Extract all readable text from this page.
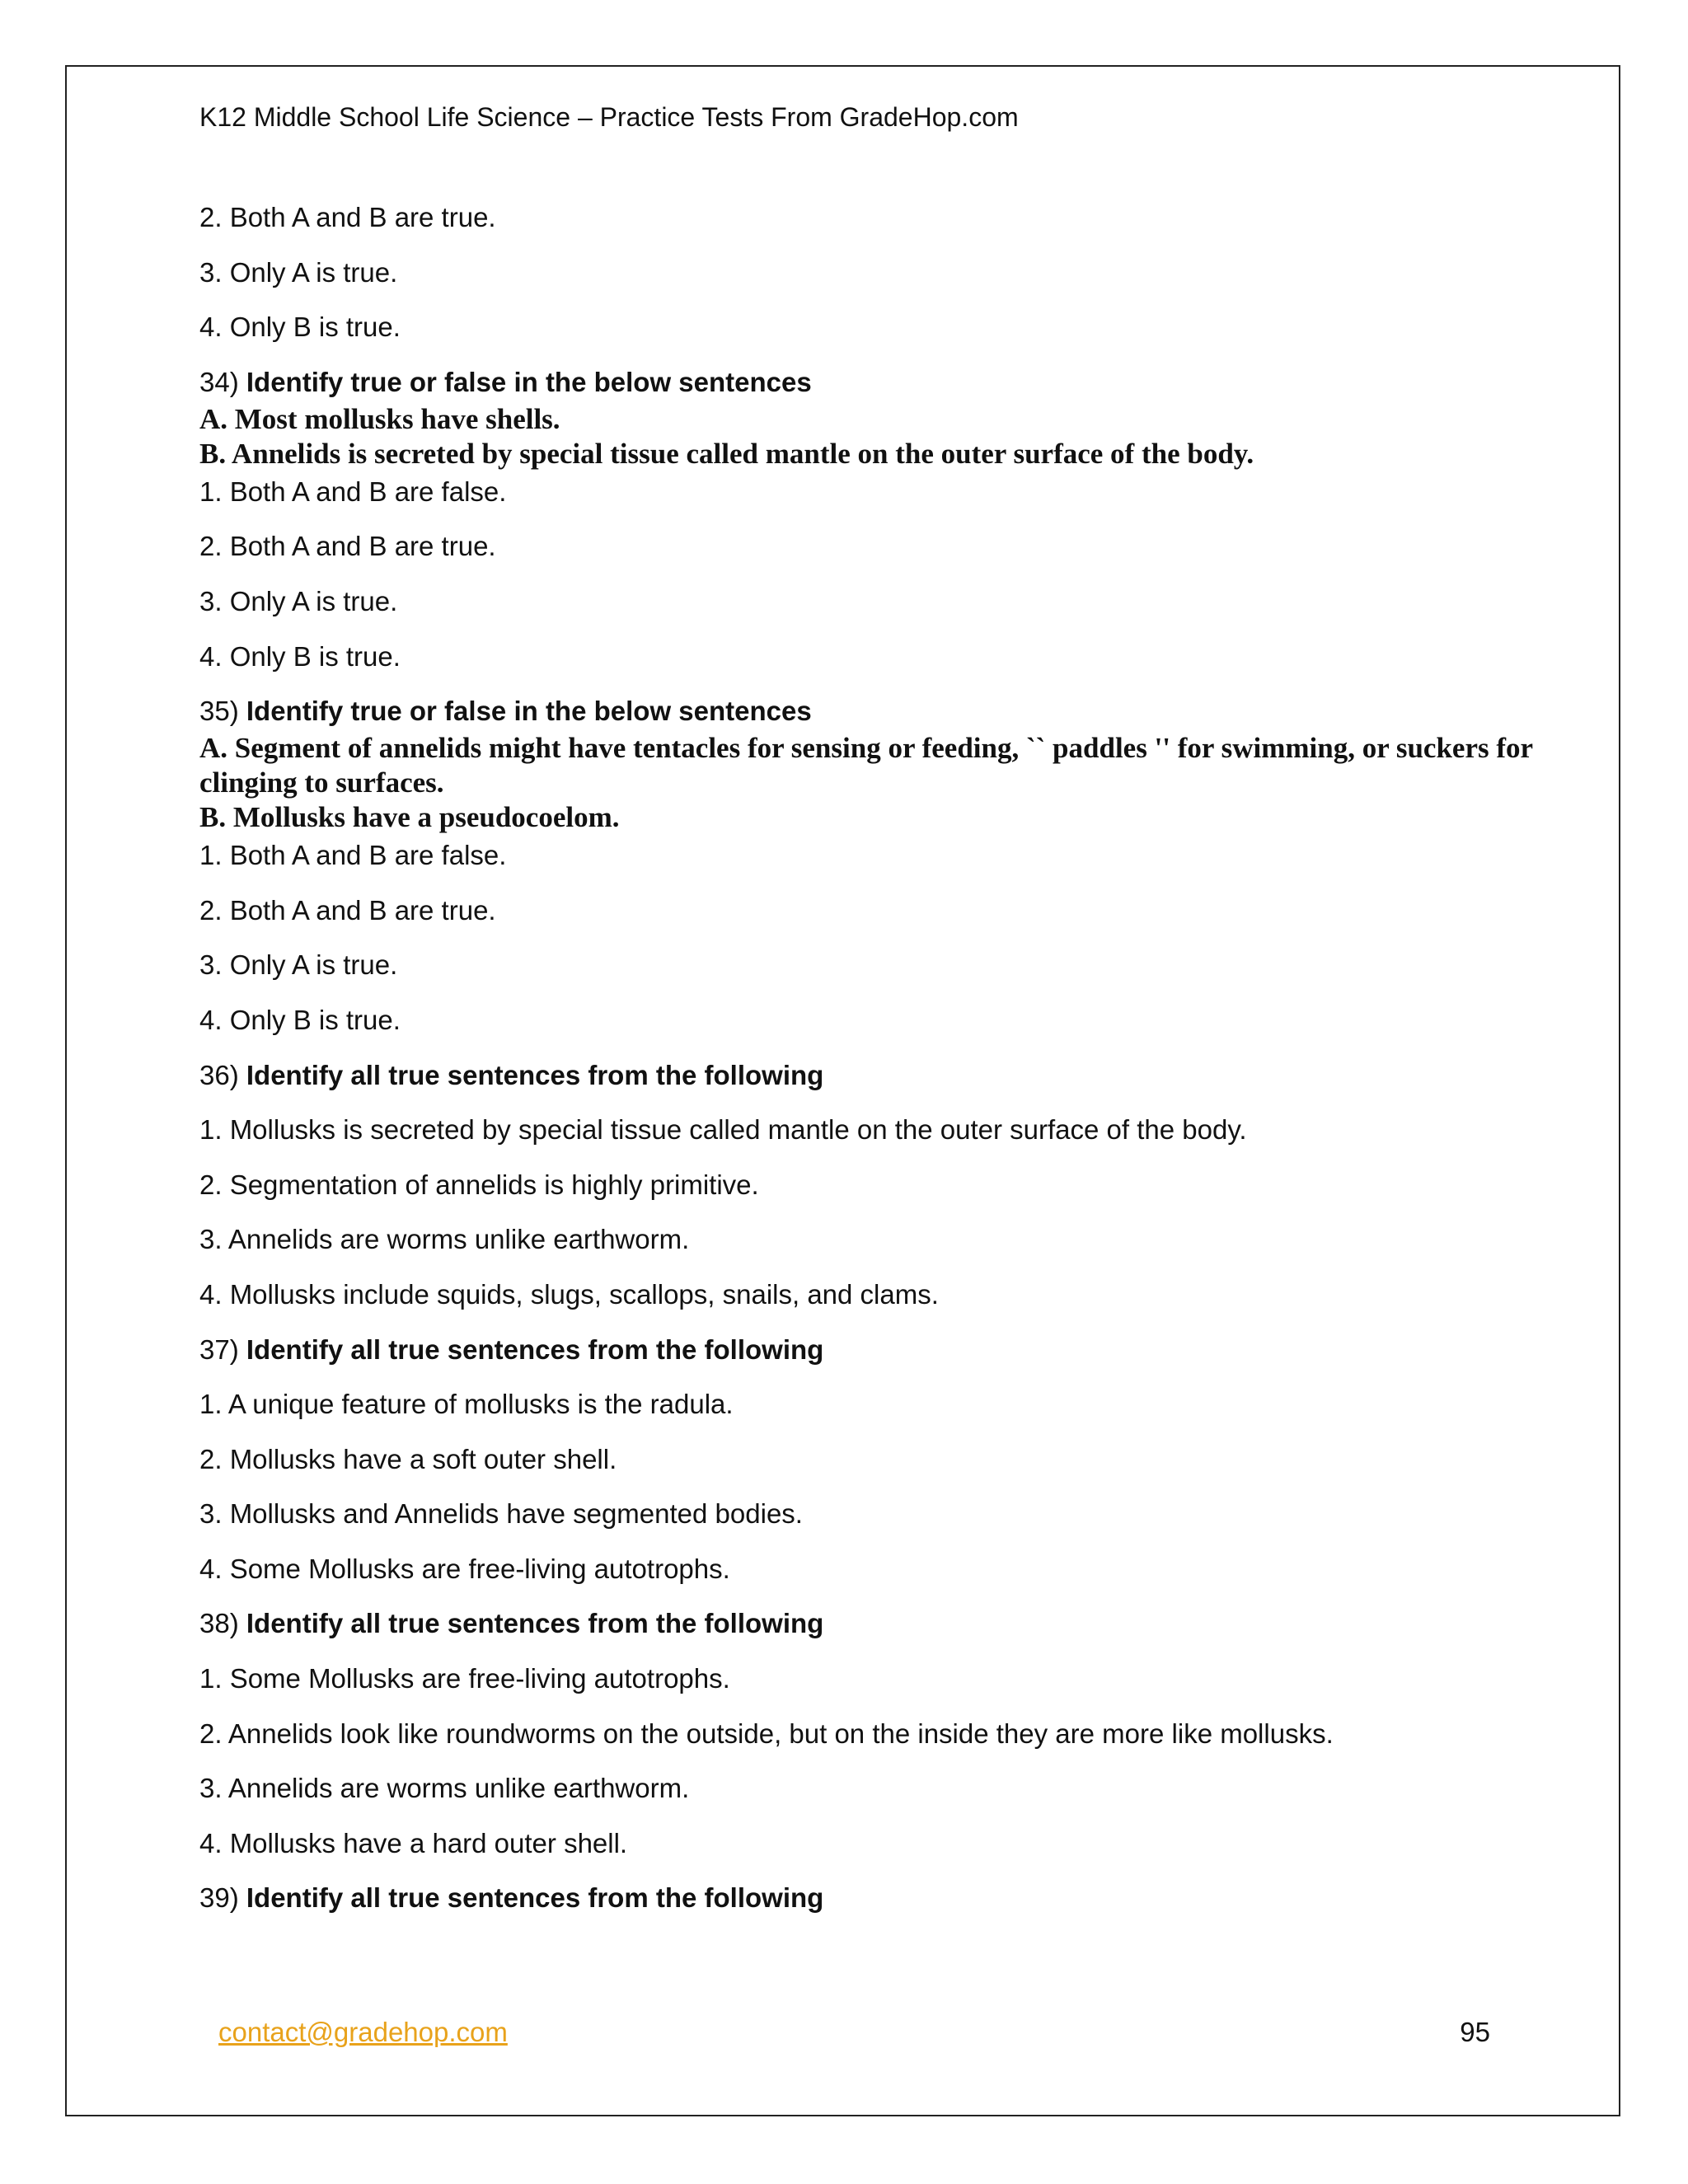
K12 Middle School Life Science – Practice Tests From GradeHop.com
2. Both A and B are true.
3. Only A is true.
4. Only B is true.
34) Identify true or false in the below sentences

A. Most mollusks have shells.

B. Annelids is secreted by special tissue called mantle on the outer surface of the body.

1. Both A and B are false.
2. Both A and B are true.
3. Only A is true.
4. Only B is true.
35) Identify true or false in the below sentences

A. Segment of annelids might have tentacles for sensing or feeding, `` paddles '' for swimming, or suckers for clinging to surfaces.

B. Mollusks have a pseudocoelom.

1. Both A and B are false.
2. Both A and B are true.
3. Only A is true.
4. Only B is true.
36) Identify all true sentences from the following
1. Mollusks is secreted by special tissue called mantle on the outer surface of the body.
2. Segmentation of annelids is highly primitive.
3. Annelids are worms unlike earthworm.
4. Mollusks include squids, slugs, scallops, snails, and clams.
37) Identify all true sentences from the following
1. A unique feature of mollusks is the radula.
2. Mollusks have a soft outer shell.
3. Mollusks and Annelids have segmented bodies.
4. Some Mollusks are free-living autotrophs.
38) Identify all true sentences from the following
1. Some Mollusks are free-living autotrophs.
2. Annelids look like roundworms on the outside, but on the inside they are more like mollusks.
3. Annelids are worms unlike earthworm.
4. Mollusks have a hard outer shell.
39) Identify all true sentences from the following
contact@gradehop.com	95
